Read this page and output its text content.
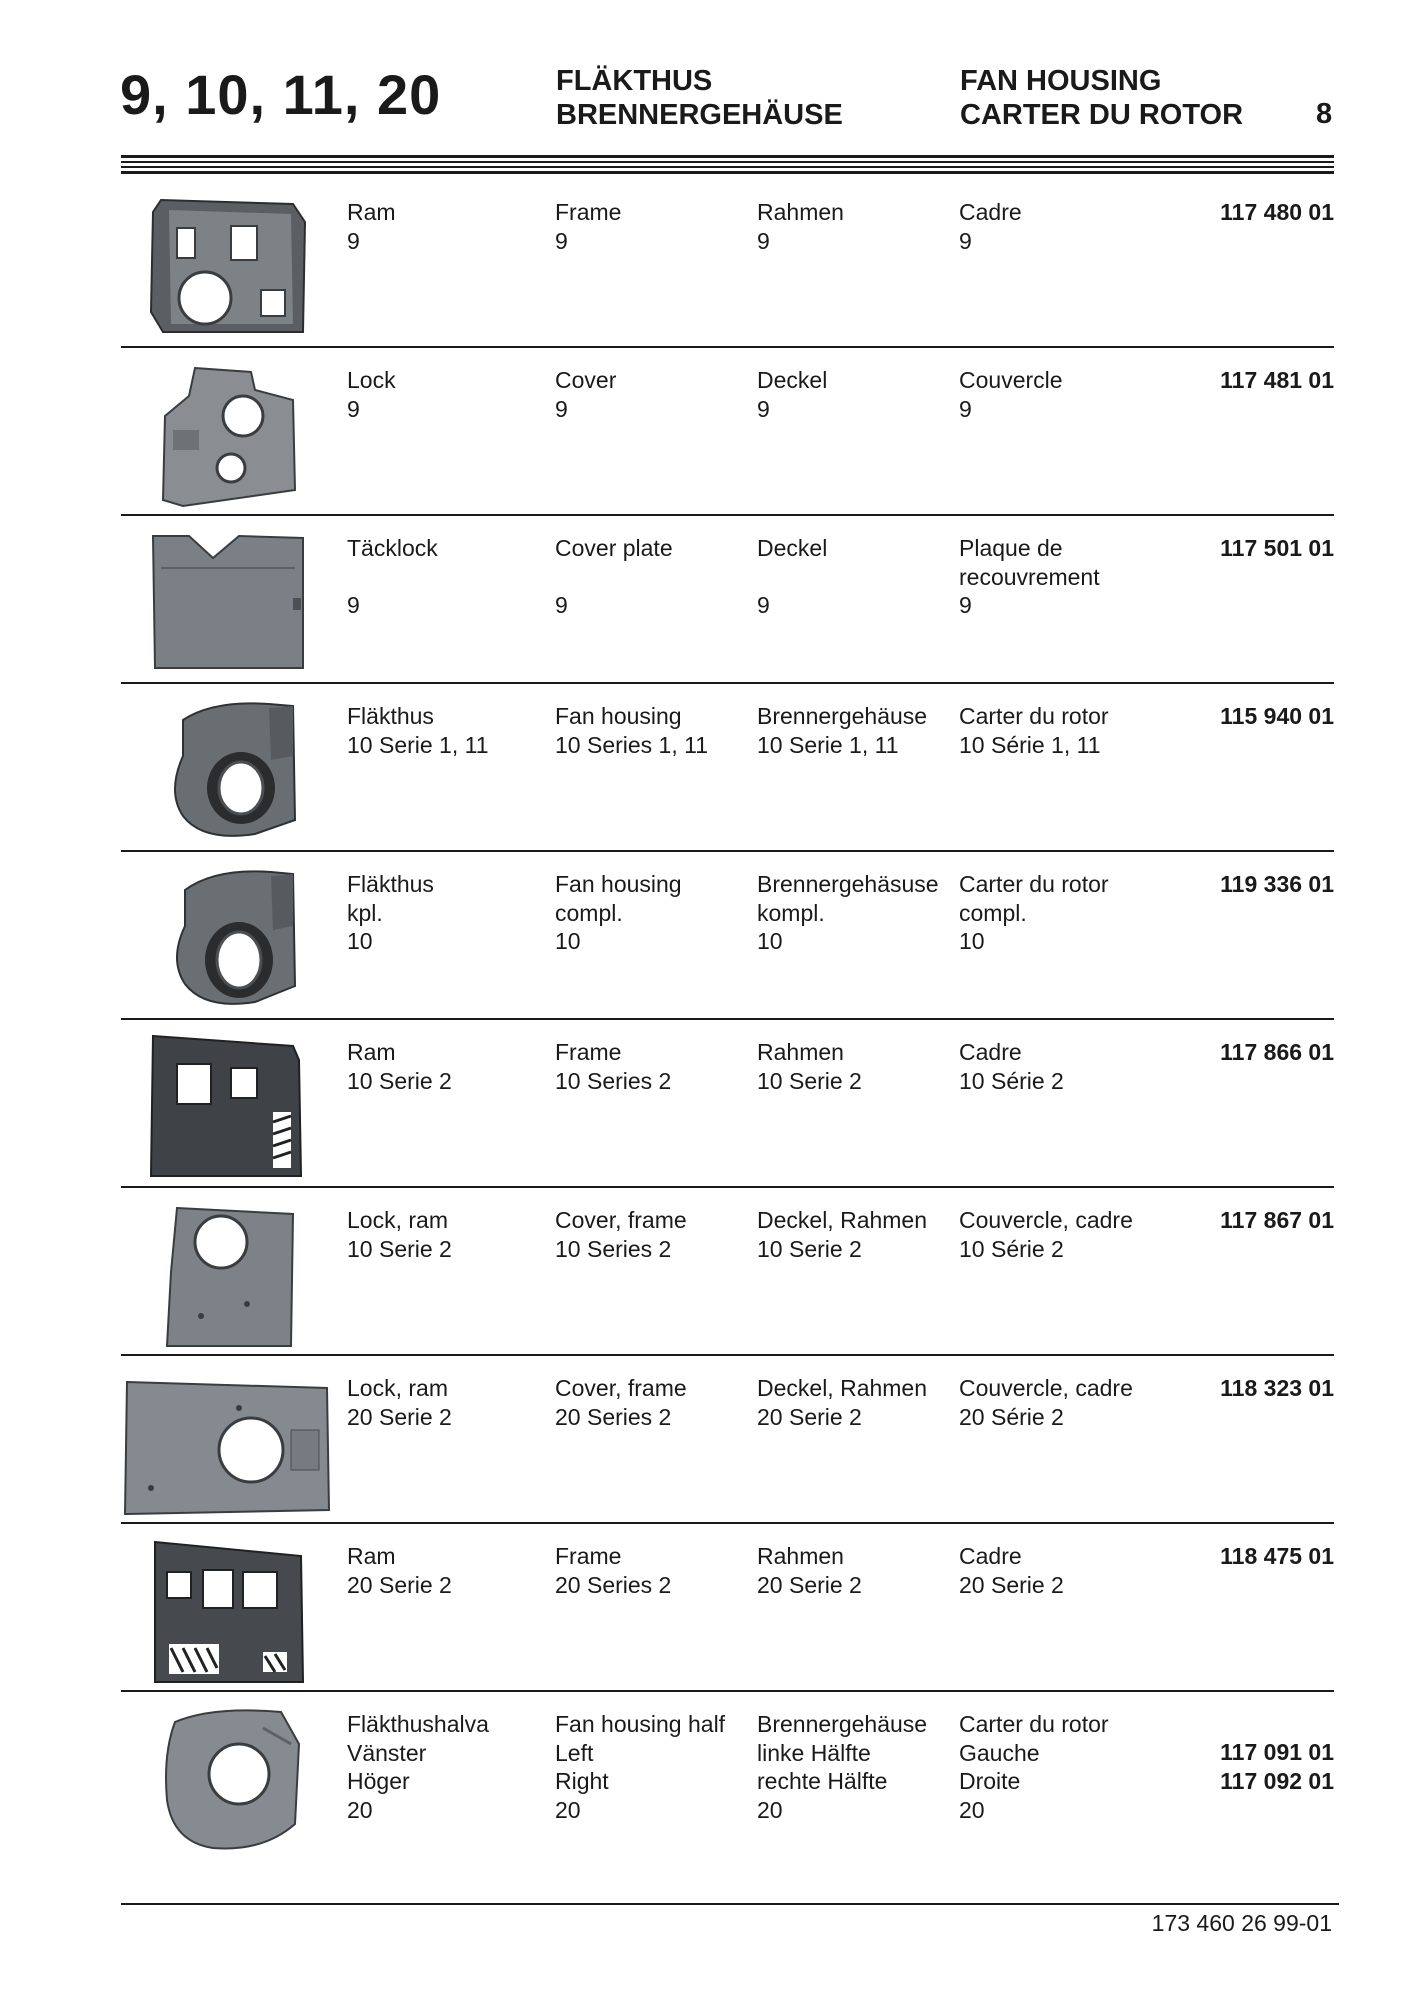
9, 10, 11, 20	FLÄKTHUS
BRENNERGEHÄUSE
FAN HOUSING
CARTER DU ROTOR	8
Ram
9
Frame
9
Rahmen
9
Cadre
9
117 480 01
Lock
9
Cover
9
Deckel
9
Couvercle
9
117 481 01
Täcklock

9
Cover plate

9
Deckel

9
Plaque de
recouvrement
9
117 501 01
Fläkthus
10 Serie 1, 11
Fan housing
10 Series 1, 11
Brennergehäuse
10 Serie 1, 11
Carter du rotor
10 Série 1, 11
115 940 01
Fläkthus
kpl.
10
Fan housing
compl.
10
Brennergehäsuse
kompl.
10
Carter du rotor
compl.
10
119 336 01
Ram
10 Serie 2
Frame
10 Series 2
Rahmen
10 Serie 2
Cadre
10 Série 2
117 866 01
Lock, ram
10 Serie 2
Cover, frame
10 Series 2
Deckel, Rahmen
10 Serie 2
Couvercle, cadre
10 Série 2
117 867 01
Lock, ram
20 Serie 2
Cover, frame
20 Series 2
Deckel, Rahmen
20 Serie 2
Couvercle, cadre
20 Série 2
118 323 01
Ram
20 Serie 2
Frame
20 Series 2
Rahmen
20 Serie 2
Cadre
20 Serie 2
118 475 01
Fläkthushalva
Vänster
Höger
20
Fan housing half
Left
Right
20
Brennergehäuse
linke Hälfte
rechte Hälfte
20
Carter du rotor
Gauche
Droite
20
117 091 01
117 092 01
173 460 26 99-01
